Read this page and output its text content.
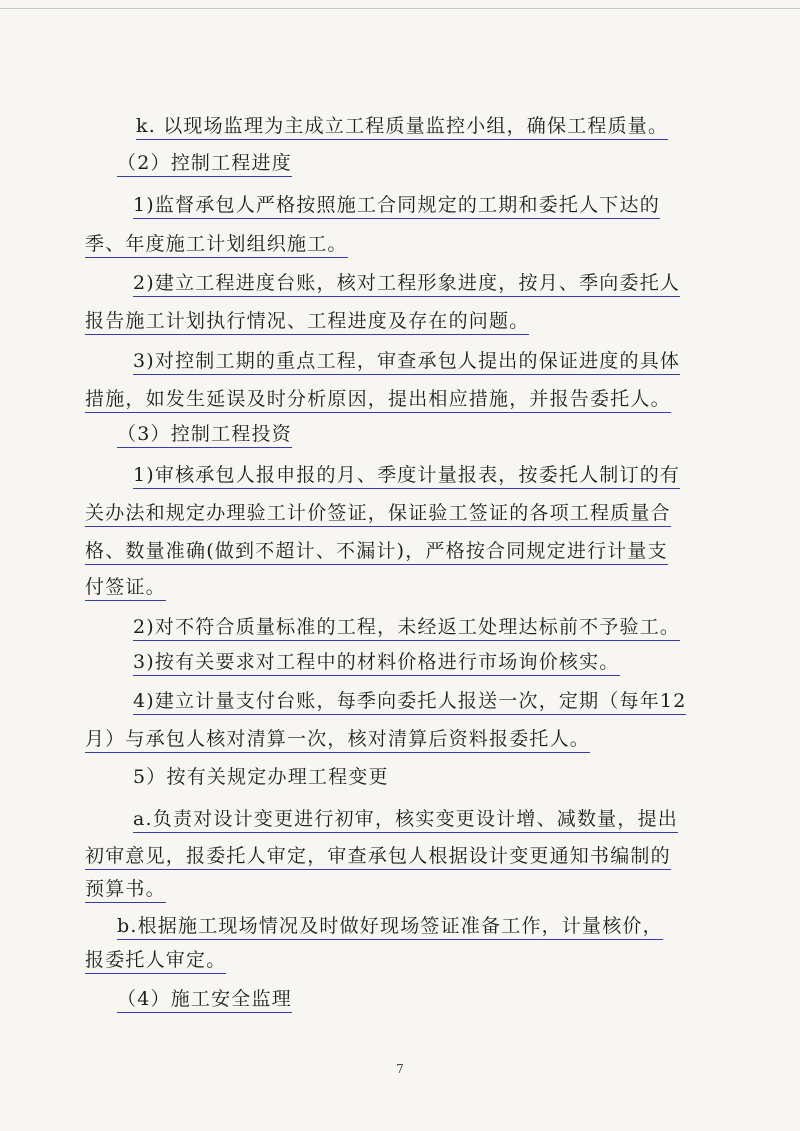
k. 以现场监理为主成立工程质量监控小组，确保工程质量。
（2）控制工程进度
1)监督承包人严格按照施工合同规定的工期和委托人下达的
季、年度施工计划组织施工。
2)建立工程进度台账，核对工程形象进度，按月、季向委托人
报告施工计划执行情况、工程进度及存在的问题。
3)对控制工期的重点工程，审查承包人提出的保证进度的具体
措施，如发生延误及时分析原因，提出相应措施，并报告委托人。
（3）控制工程投资
1)审核承包人报申报的月、季度计量报表，按委托人制订的有
关办法和规定办理验工计价签证，保证验工签证的各项工程质量合
格、数量准确(做到不超计、不漏计)，严格按合同规定进行计量支
付签证。
2)对不符合质量标准的工程，未经返工处理达标前不予验工。
3)按有关要求对工程中的材料价格进行市场询价核实。
4)建立计量支付台账，每季向委托人报送一次，定期（每年12
月）与承包人核对清算一次，核对清算后资料报委托人。
5）按有关规定办理工程变更
a.负责对设计变更进行初审，核实变更设计增、减数量，提出
初审意见，报委托人审定，审查承包人根据设计变更通知书编制的
预算书。
b.根据施工现场情况及时做好现场签证准备工作，计量核价，
报委托人审定。
（4）施工安全监理
7
